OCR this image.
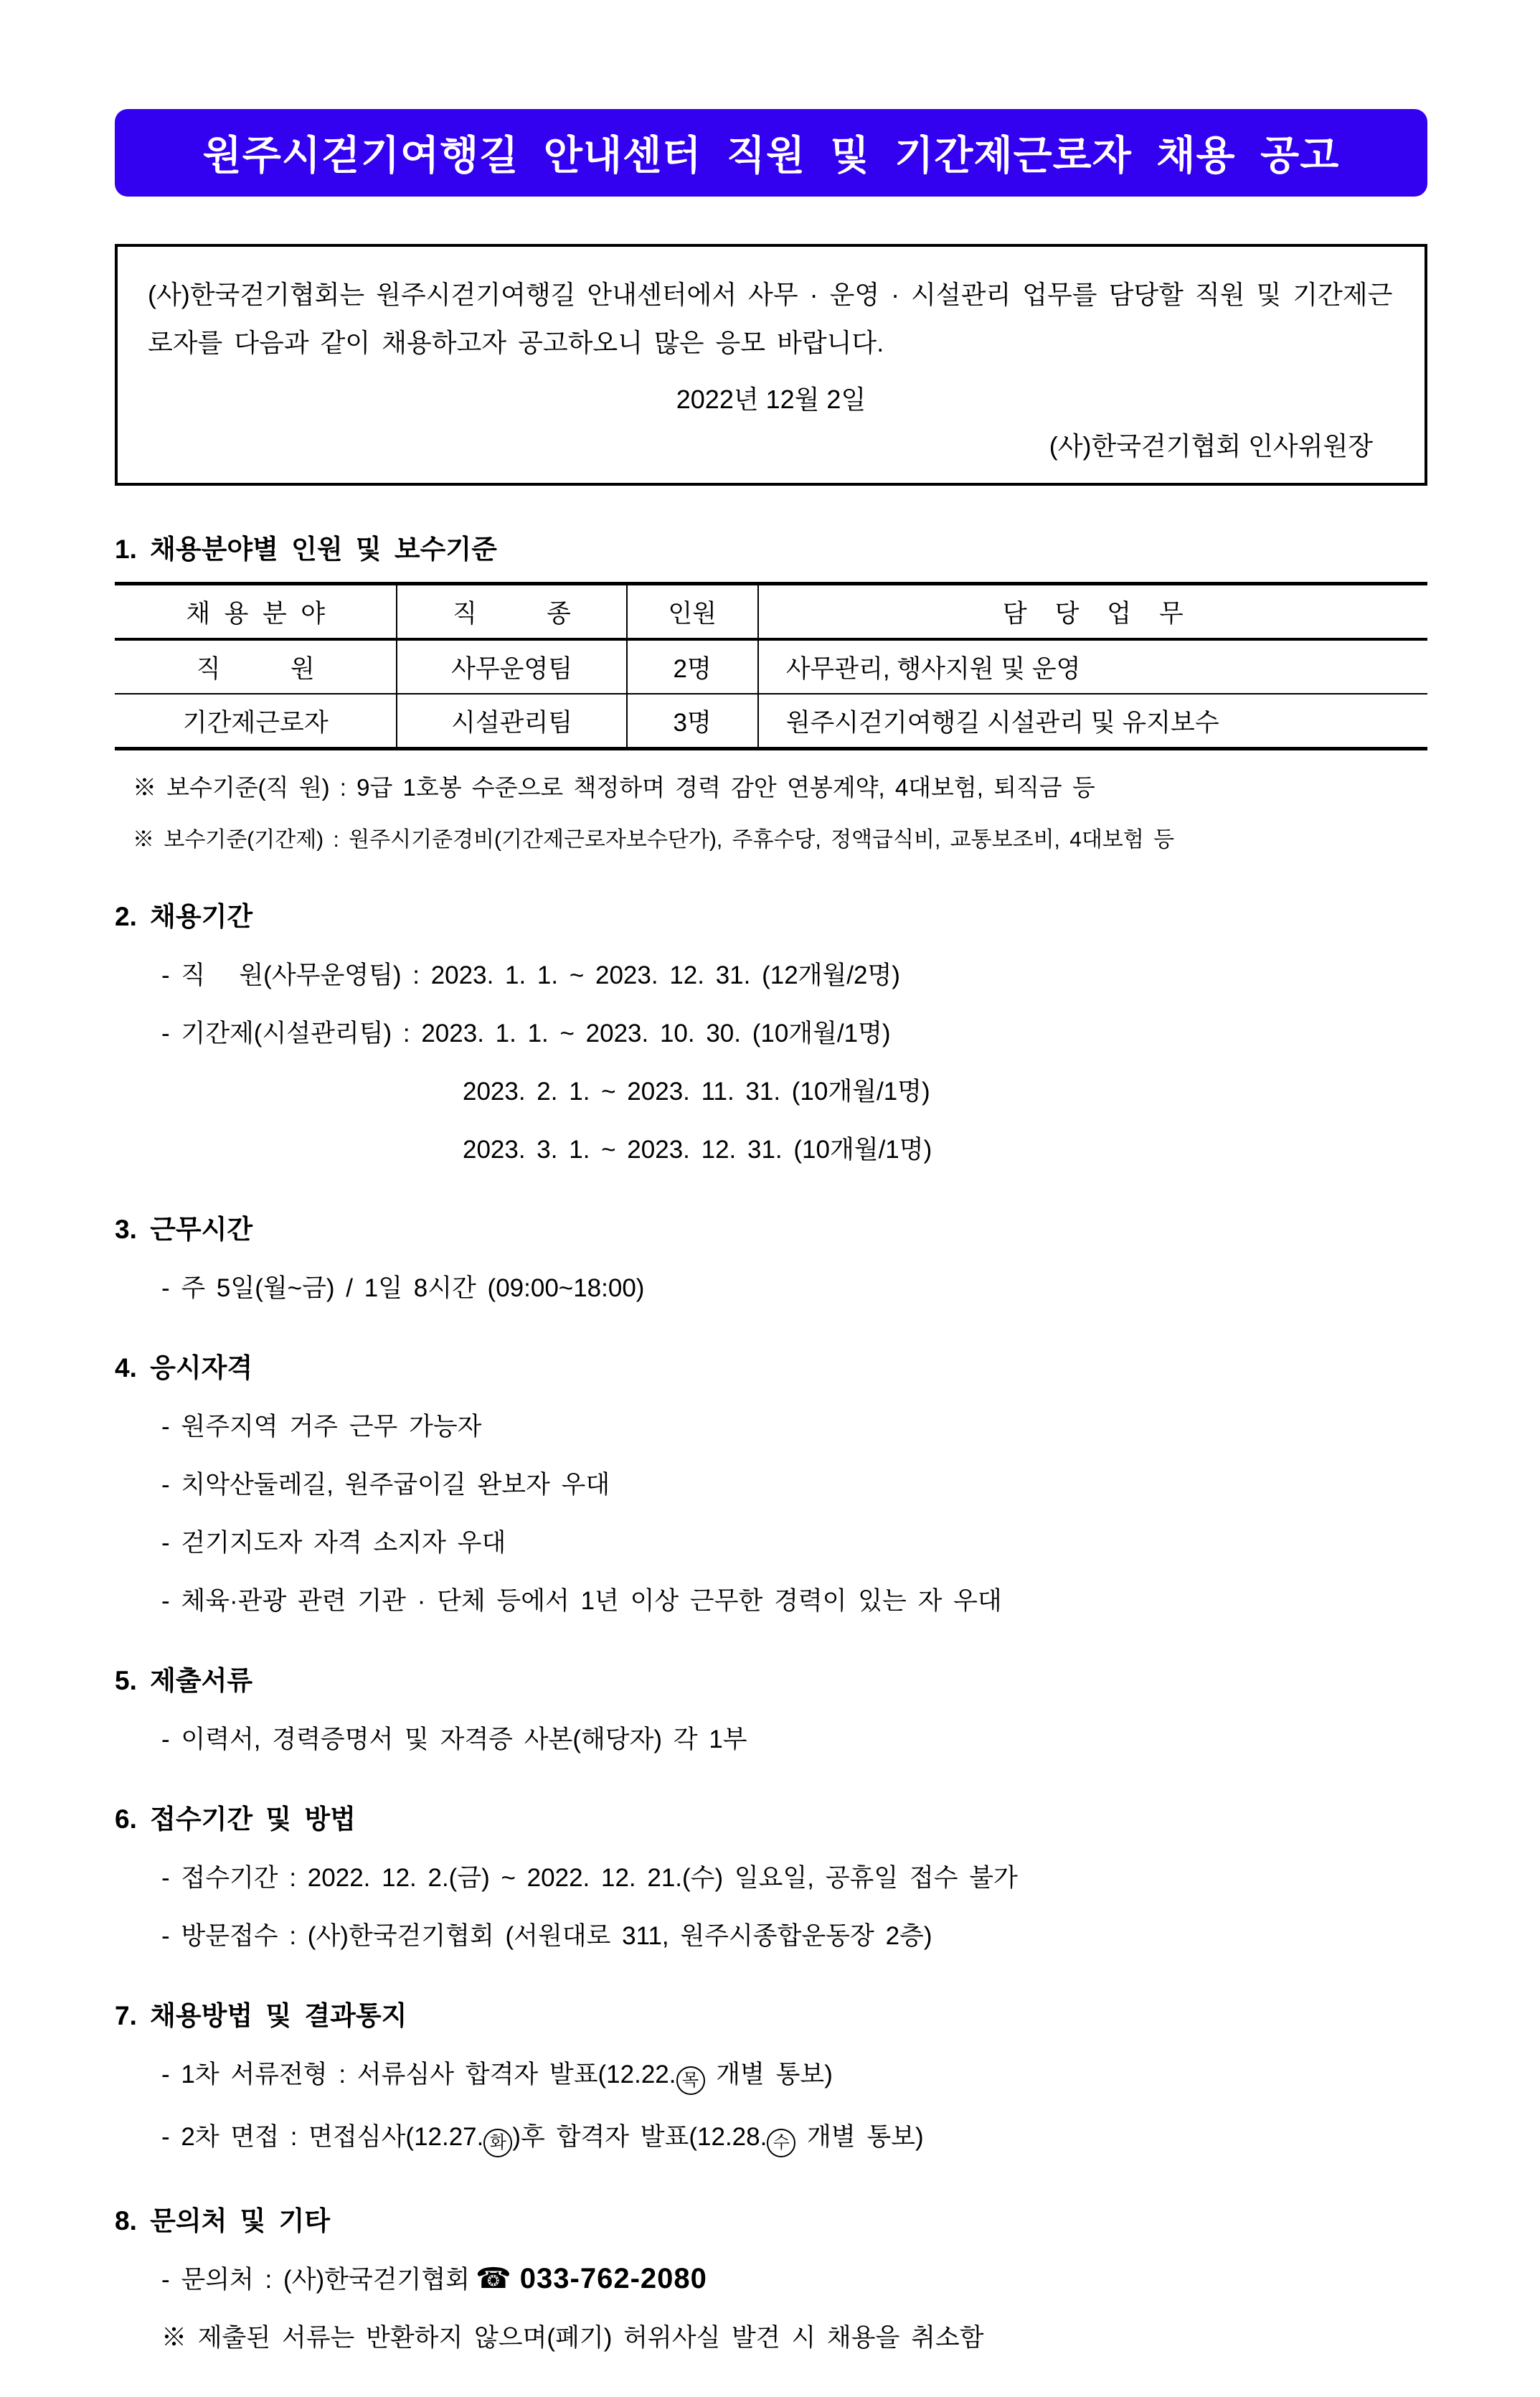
원주시걷기여행길 안내센터 직원 및 기간제근로자 채용 공고

(사)한국걷기협회는 원주시걷기여행길 안내센터에서 사무 · 운영 · 시설관리 업무를 담당할 직원 및 기간제근로자를 다음과 같이 채용하고자 공고하오니 많은 응모 바랍니다.

2022년 12월 2일

(사)한국걷기협회 인사위원장

1. 채용분야별 인원 및 보수기준
채  용  분  야	직          종	인원	담    당    업    무
직          원	사무운영팀	2명	사무관리, 행사지원 및 운영
기간제근로자	시설관리팀	3명	원주시걷기여행길 시설관리 및 유지보수

※ 보수기준(직 원) : 9급 1호봉 수준으로 책정하며 경력 감안 연봉계약, 4대보험, 퇴직금 등

※ 보수기준(기간제) : 원주시기준경비(기간제근로자보수단가), 주휴수당, 정액급식비, 교통보조비, 4대보험 등

2. 채용기간

- 직   원(사무운영팀) : 2023. 1. 1. ~ 2023. 12. 31. (12개월/2명)

- 기간제(시설관리팀) : 2023. 1. 1. ~ 2023. 10. 30. (10개월/1명)

2023. 2. 1. ~ 2023. 11. 31. (10개월/1명)

2023. 3. 1. ~ 2023. 12. 31. (10개월/1명)

3. 근무시간

- 주 5일(월~금) / 1일 8시간 (09:00~18:00)

4. 응시자격

- 원주지역 거주 근무 가능자

- 치악산둘레길, 원주굽이길 완보자 우대

- 걷기지도자 자격 소지자 우대

- 체육·관광 관련 기관 · 단체 등에서 1년 이상 근무한 경력이 있는 자 우대

5. 제출서류

- 이력서, 경력증명서 및 자격증 사본(해당자) 각 1부

6. 접수기간 및 방법

- 접수기간 : 2022. 12. 2.(금) ~ 2022. 12. 21.(수) 일요일, 공휴일 접수 불가

- 방문접수 : (사)한국걷기협회 (서원대로 311, 원주시종합운동장 2층)

7. 채용방법 및 결과통지

- 1차 서류전형 : 서류심사 합격자 발표(12.22. 목 개별 통보)

- 2차 면접 : 면접심사(12.27. 화 )후 합격자 발표(12.28. 수 개별 통보)

8. 문의처 및 기타

- 문의처 : (사)한국걷기협회 ☎ 033-762-2080

※ 제출된 서류는 반환하지 않으며(폐기) 허위사실 발견 시 채용을 취소함
